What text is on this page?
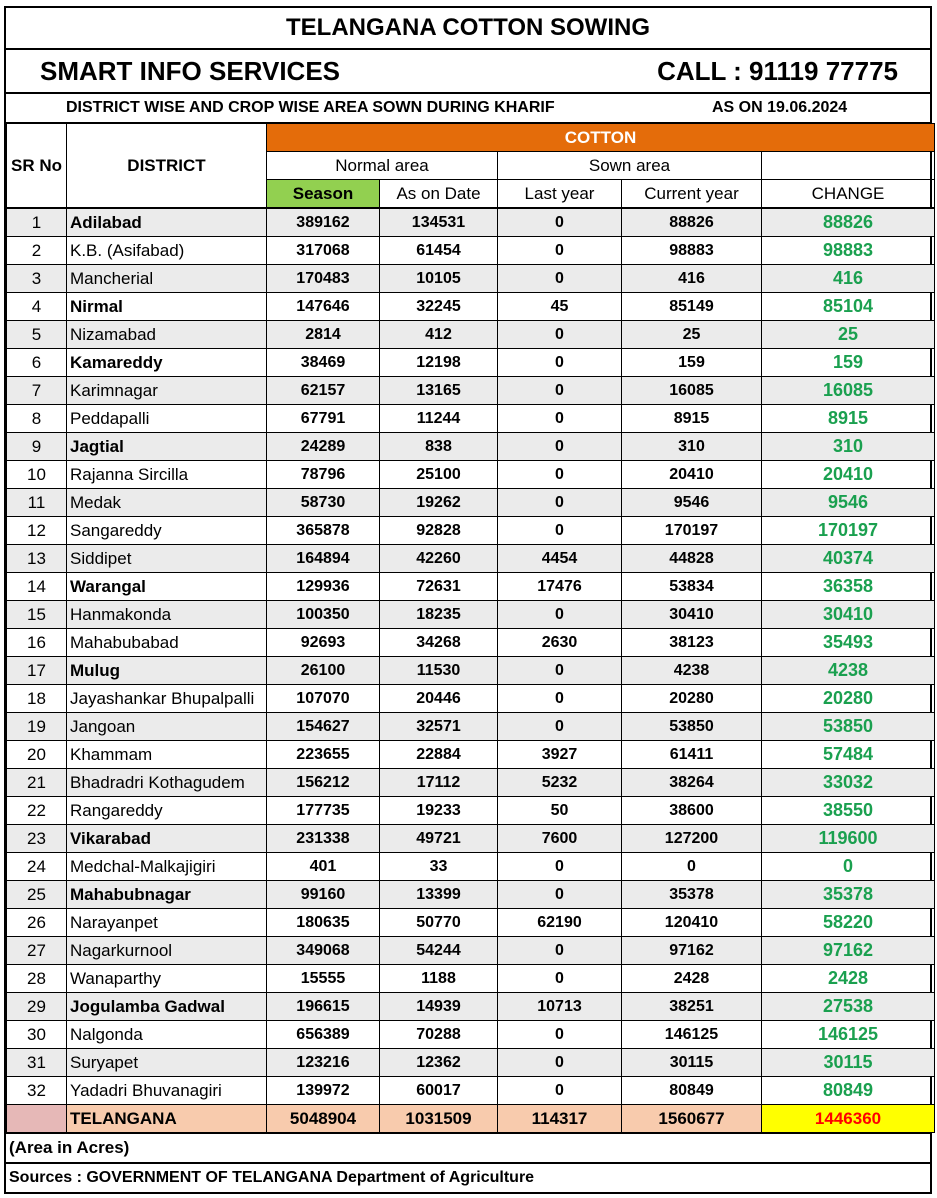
TELANGANA COTTON SOWING
SMART INFO SERVICES	CALL : 91119 77775
DISTRICT WISE AND CROP WISE AREA SOWN DURING KHARIF	AS ON 19.06.2024
SR No	DISTRICT	COTTON				
		Normal area		Sown area		
		Season	As on Date	Last year	Current year	CHANGE
1	Adilabad	389162	134531	0	88826	88826
2	K.B. (Asifabad)	317068	61454	0	98883	98883
3	Mancherial	170483	10105	0	416	416
4	Nirmal	147646	32245	45	85149	85104
5	Nizamabad	2814	412	0	25	25
6	Kamareddy	38469	12198	0	159	159
7	Karimnagar	62157	13165	0	16085	16085
8	Peddapalli	67791	11244	0	8915	8915
9	Jagtial	24289	838	0	310	310
10	Rajanna Sircilla	78796	25100	0	20410	20410
11	Medak	58730	19262	0	9546	9546
12	Sangareddy	365878	92828	0	170197	170197
13	Siddipet	164894	42260	4454	44828	40374
14	Warangal	129936	72631	17476	53834	36358
15	Hanmakonda	100350	18235	0	30410	30410
16	Mahabubabad	92693	34268	2630	38123	35493
17	Mulug	26100	11530	0	4238	4238
18	Jayashankar Bhupalpalli	107070	20446	0	20280	20280
19	Jangoan	154627	32571	0	53850	53850
20	Khammam	223655	22884	3927	61411	57484
21	Bhadradri Kothagudem	156212	17112	5232	38264	33032
22	Rangareddy	177735	19233	50	38600	38550
23	Vikarabad	231338	49721	7600	127200	119600
24	Medchal-Malkajigiri	401	33	0	0	0
25	Mahabubnagar	99160	13399	0	35378	35378
26	Narayanpet	180635	50770	62190	120410	58220
27	Nagarkurnool	349068	54244	0	97162	97162
28	Wanaparthy	15555	1188	0	2428	2428
29	Jogulamba Gadwal	196615	14939	10713	38251	27538
30	Nalgonda	656389	70288	0	146125	146125
31	Suryapet	123216	12362	0	30115	30115
32	Yadadri Bhuvanagiri	139972	60017	0	80849	80849
	TELANGANA	5048904	1031509	114317	1560677	1446360
(Area in Acres)
Sources : GOVERNMENT OF TELANGANA Department of Agriculture
